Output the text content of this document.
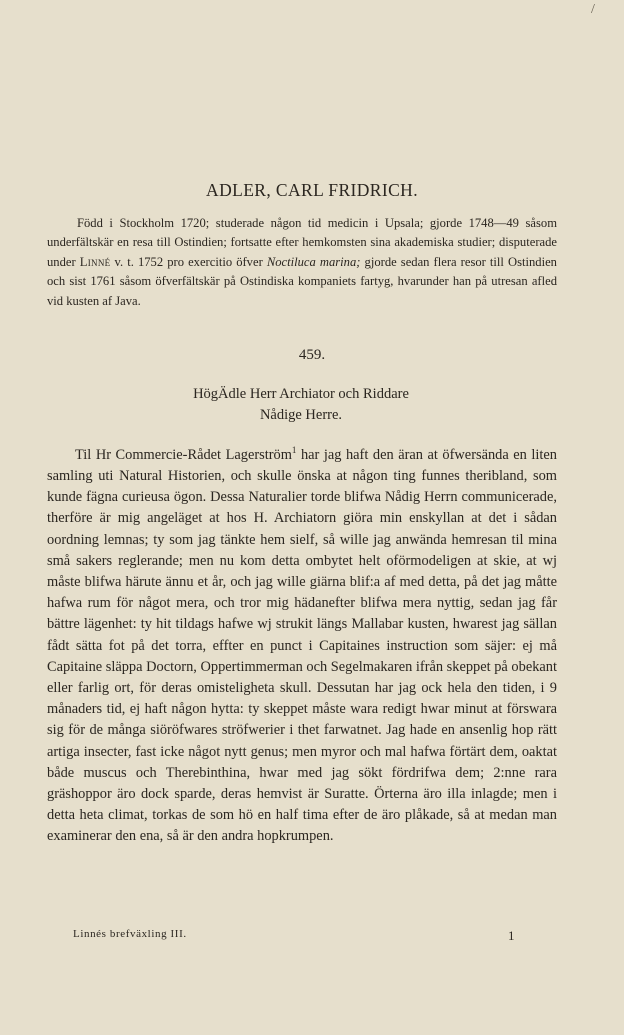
/
ADLER, CARL FRIDRICH.

Född i Stockholm 1720; studerade någon tid medicin i Upsala; gjorde 1748—49 såsom underfältskär en resa till Ostindien; fortsatte efter hemkomsten sina akademiska studier; disputerade under Linné v. t. 1752 pro exercitio öfver Noctiluca marina; gjorde sedan flera resor till Ostindien och sist 1761 såsom öfverfältskär på Ostindiska kompaniets fartyg, hvarunder han på utresan afled vid kusten af Java.

459.
HögÄdle Herr Archiator och Riddare
Nådige Herre.

Til Hr Commercie-Rådet Lagerström$^1$ har jag haft den äran at öfwersända en liten samling uti Natural Historien, och skulle önska at någon ting funnes theribland, som kunde fägna curieusa ögon. Dessa Naturalier torde blifwa Nådig Herrn communicerade, therföre är mig angeläget at hos H. Archiatorn giöra min enskyllan at det i sådan oordning lemnas; ty som jag tänkte hem sielf, så wille jag anwända hemresan til mina små sakers reglerande; men nu kom detta ombytet helt oförmodeligen at skie, at wj måste blifwa härute ännu et år, och jag wille giärna blif:a af med detta, på det jag måtte hafwa rum för något mera, och tror mig hädanefter blifwa mera nyttig, sedan jag får bättre lägenhet: ty hit tildags hafwe wj strukit längs Mallabar kusten, hwarest jag sällan fådt sätta fot på det torra, effter en punct i Capitaines instruction som säjer: ej må Capitaine släppa Doctorn, Oppertimmerman och Segelmakaren ifrån skeppet på obekant eller farlig ort, för deras omisteligheta skull. Dessutan har jag ock hela den tiden, i 9 månaders tid, ej haft någon hytta: ty skeppet måste wara redigt hwar minut at förswara sig för de många siöröfwares ströfwerier i thet farwatnet. Jag hade en ansenlig hop rätt artiga insecter, fast icke något nytt genus; men myror och mal hafwa förtärt dem, oaktat både muscus och Therebinthina, hwar med jag sökt fördrifwa dem; 2:nne rara gräshoppor äro dock sparde, deras hemvist är Suratte. Örterna äro illa inlagde; men i detta heta climat, torkas de som hö en half tima efter de äro plåkade, så at medan man examinerar den ena, så är den andra hopkrumpen.

Linnés brefväxling III.	1
